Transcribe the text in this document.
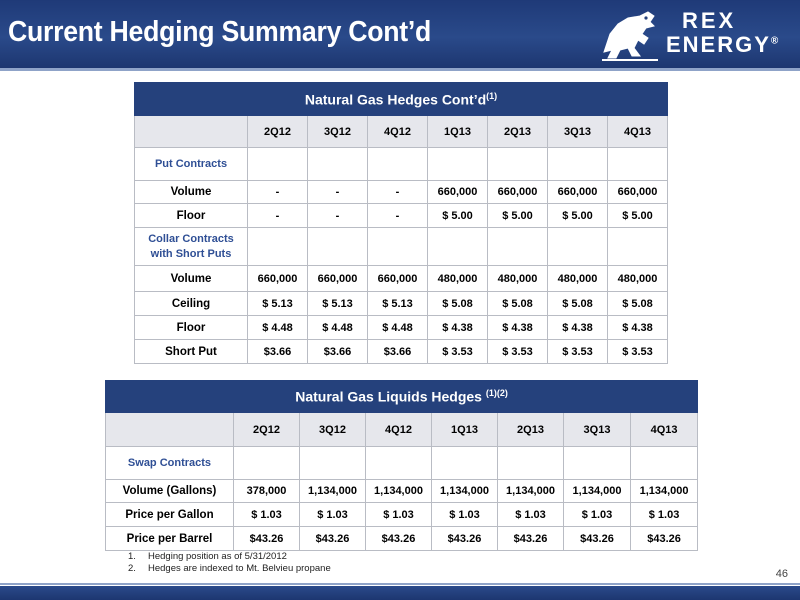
Current Hedging Summary Cont’d	REX
ENERGY®
Natural Gas Hedges $Cont’d^{(1)}$
	2Q12	3Q12	4Q12	1Q13	2Q13	3Q13	4Q13
Put Contracts							
Volume	-	-	-	660,000	660,000	660,000	660,000
Floor	-	-	-	$ 5.00	$ 5.00	$ 5.00	$ 5.00
Collar Contracts
with Short Puts							
Volume	660,000	660,000	660,000	480,000	480,000	480,000	480,000
Ceiling	$ 5.13	$ 5.13	$ 5.13	$ 5.08	$ 5.08	$ 5.08	$ 5.08
Floor	$ 4.48	$ 4.48	$ 4.48	$ 4.38	$ 4.38	$ 4.38	$ 4.38
Short Put	$3.66	$3.66	$3.66	$ 3.53	$ 3.53	$ 3.53	$ 3.53
Natural Gas Liquids Hedges $^{(1)(2)}$
	2Q12	3Q12	4Q12	1Q13	2Q13	3Q13	4Q13
Swap Contracts							
Volume (Gallons)	378,000	1,134,000	1,134,000	1,134,000	1,134,000	1,134,000	1,134,000
Price per Gallon	$ 1.03	$ 1.03	$ 1.03	$ 1.03	$ 1.03	$ 1.03	$ 1.03
Price per Barrel	$43.26	$43.26	$43.26	$43.26	$43.26	$43.26	$43.26
1. Hedging position as of 5/31/2012
2. Hedges are indexed to Mt. Belvieu propane	46
